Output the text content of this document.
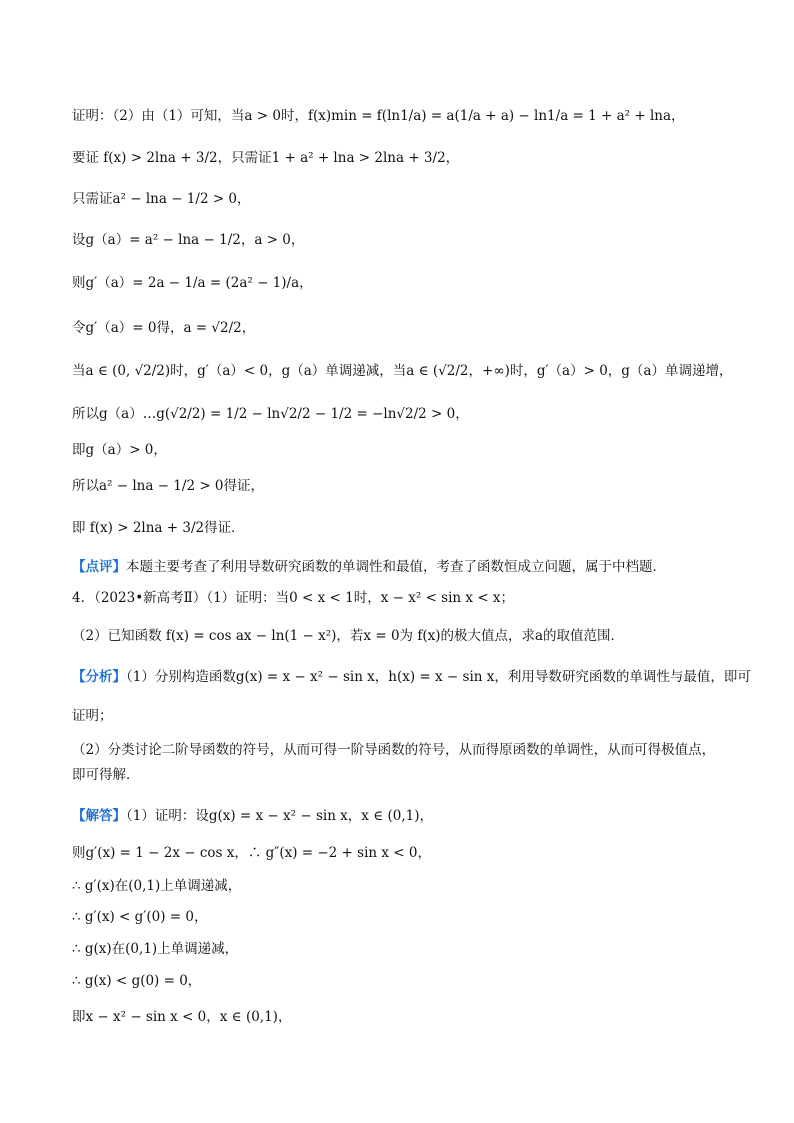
证明：（2）由（1）可知，当a > 0时，f(x)min = f(ln1/a) = a(1/a + a) − ln1/a = 1 + a² + lna，
要证 f(x) > 2lna + 3/2，只需证1 + a² + lna > 2lna + 3/2，
只需证a² − lna − 1/2 > 0，
设g（a）= a² − lna − 1/2，a > 0，
则g′（a）= 2a − 1/a = (2a² − 1)/a，
令g′（a）= 0得，a = √2/2，
当a ∈ (0, √2/2)时，g′（a）< 0，g（a）单调递减，当a ∈ (√2/2，+∞)时，g′（a）> 0，g（a）单调递增，
所以g（a）…g(√2/2) = 1/2 − ln√2/2 − 1/2 = −ln√2/2 > 0，
即g（a）> 0，
所以a² − lna − 1/2 > 0得证，
即 f(x) > 2lna + 3/2得证．
【点评】本题主要考查了利用导数研究函数的单调性和最值，考查了函数恒成立问题，属于中档题．
4．（2023•新高考Ⅱ）（1）证明：当0 < x < 1时，x − x² < sin x < x；
（2）已知函数 f(x) = cos ax − ln(1 − x²)，若x = 0为 f(x)的极大值点，求a的取值范围．
【分析】（1）分别构造函数g(x) = x − x² − sin x，h(x) = x − sin x，利用导数研究函数的单调性与最值，即可
证明；
（2）分类讨论二阶导函数的符号，从而可得一阶导函数的符号，从而得原函数的单调性，从而可得极值点，
即可得解．
【解答】（1）证明：设g(x) = x − x² − sin x，x ∈ (0,1)，
则g′(x) = 1 − 2x − cos x，∴ g″(x) = −2 + sin x < 0，
∴ g′(x)在(0,1)上单调递减，
∴ g′(x) < g′(0) = 0，
∴ g(x)在(0,1)上单调递减，
∴ g(x) < g(0) = 0，
即x − x² − sin x < 0，x ∈ (0,1)，
